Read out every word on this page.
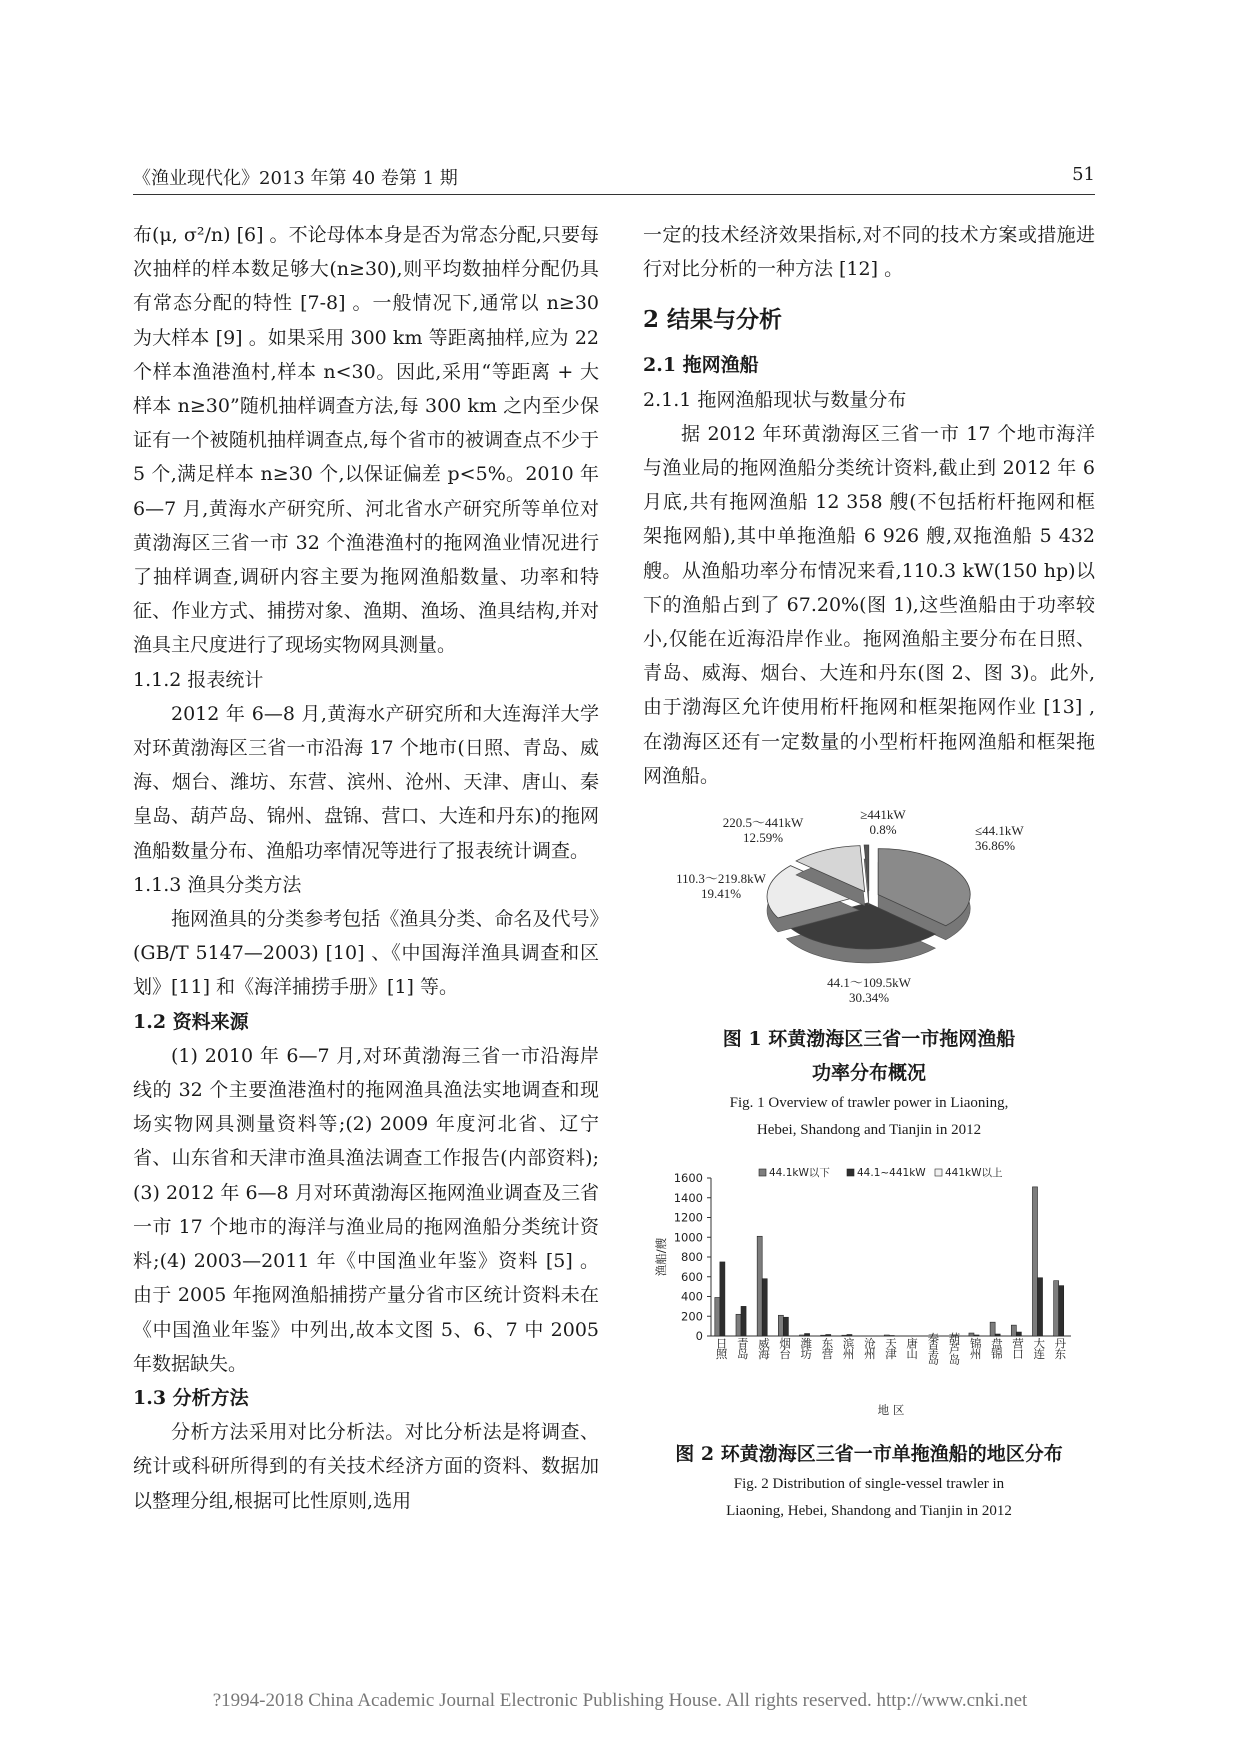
《渔业现代化》2013 年第 40 卷第 1 期	51

布(μ, σ²/n) [6] 。不论母体本身是否为常态分配,只要每次抽样的样本数足够大(n≥30),则平均数抽样分配仍具有常态分配的特性 [7-8] 。一般情况下,通常以 n≥30 为大样本 [9] 。如果采用 300 km 等距离抽样,应为 22 个样本渔港渔村,样本 n<30。因此,采用“等距离 + 大样本 n≥30”随机抽样调查方法,每 300 km 之内至少保证有一个被随机抽样调查点,每个省市的被调查点不少于 5 个,满足样本 n≥30 个,以保证偏差 p<5%。2010 年 6—7 月,黄海水产研究所、河北省水产研究所等单位对黄渤海区三省一市 32 个渔港渔村的拖网渔业情况进行了抽样调查,调研内容主要为拖网渔船数量、功率和特征、作业方式、捕捞对象、渔期、渔场、渔具结构,并对渔具主尺度进行了现场实物网具测量。

1.1.2 报表统计

2012 年 6—8 月,黄海水产研究所和大连海洋大学对环黄渤海区三省一市沿海 17 个地市(日照、青岛、威海、烟台、潍坊、东营、滨州、沧州、天津、唐山、秦皇岛、葫芦岛、锦州、盘锦、营口、大连和丹东)的拖网渔船数量分布、渔船功率情况等进行了报表统计调查。

1.1.3 渔具分类方法

拖网渔具的分类参考包括《渔具分类、命名及代号》(GB/T 5147—2003) [10] 、《中国海洋渔具调查和区划》[11] 和《海洋捕捞手册》[1] 等。

1.2 资料来源

(1) 2010 年 6—7 月,对环黄渤海三省一市沿海岸线的 32 个主要渔港渔村的拖网渔具渔法实地调查和现场实物网具测量资料等;(2) 2009 年度河北省、辽宁省、山东省和天津市渔具渔法调查工作报告(内部资料);(3) 2012 年 6—8 月对环黄渤海区拖网渔业调查及三省一市 17 个地市的海洋与渔业局的拖网渔船分类统计资料;(4) 2003—2011 年《中国渔业年鉴》资料 [5] 。由于 2005 年拖网渔船捕捞产量分省市区统计资料未在《中国渔业年鉴》中列出,故本文图 5、6、7 中 2005 年数据缺失。

1.3 分析方法

分析方法采用对比分析法。对比分析法是将调查、统计或科研所得到的有关技术经济方面的资料、数据加以整理分组,根据可比性原则,选用

一定的技术经济效果指标,对不同的技术方案或措施进行对比分析的一种方法 [12] 。

2 结果与分析

2.1 拖网渔船

2.1.1 拖网渔船现状与数量分布

据 2012 年环黄渤海区三省一市 17 个地市海洋与渔业局的拖网渔船分类统计资料,截止到 2012 年 6 月底,共有拖网渔船 12 358 艘(不包括桁杆拖网和框架拖网船),其中单拖渔船 6 926 艘,双拖渔船 5 432 艘。从渔船功率分布情况来看,110.3 kW(150 hp)以下的渔船占到了 67.20%(图 1),这些渔船由于功率较小,仅能在近海沿岸作业。拖网渔船主要分布在日照、青岛、威海、烟台、大连和丹东(图 2、图 3)。此外,由于渤海区允许使用桁杆拖网和框架拖网作业 [13] ,在渤海区还有一定数量的小型桁杆拖网渔船和框架拖网渔船。

≤44.1kW
36.86%
44.1～109.5kW
30.34%
110.3～219.8kW
19.41%
220.5～441kW
12.59%
≥441kW
0.8%
图 1 环黄渤海区三省一市拖网渔船
功率分布概况
Fig. 1 Overview of trawler power in Liaoning,
Hebei, Shandong and Tianjin in 2012
0
200
400
600
800
1000
1200
1400
1600
渔船/艘
日照 青岛 威海 烟台 潍坊 东营 滨州 沧州 天津 唐山 秦皇岛 葫芦岛 锦州 盘锦 营口 大连 丹东
地 区
44.1kW以下	44.1~441kW 441kW以上
图 2 环黄渤海区三省一市单拖渔船的地区分布
Fig. 2 Distribution of single-vessel trawler in
Liaoning, Hebei, Shandong and Tianjin in 2012
?1994-2018 China Academic Journal Electronic Publishing House. All rights reserved. http://www.cnki.net
